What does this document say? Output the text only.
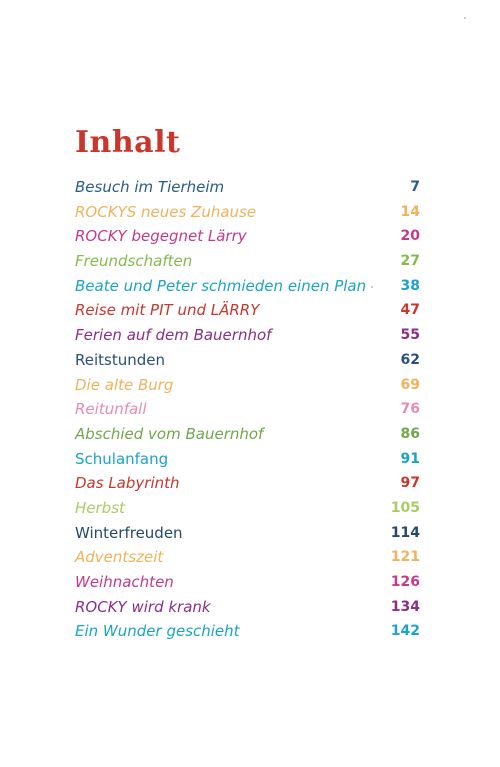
Inhalt
Besuch im Tierheim	7
ROCKYS neues Zuhause	14
ROCKY begegnet Lärry	20
Freundschaften	27
Beate und Peter schmieden einen Plan 38
Reise mit PIT und LÄRRY	47
Ferien auf dem Bauernhof	55
Reitstunden	62
Die alte Burg	69
Reitunfall	76
Abschied vom Bauernhof	86
Schulanfang	91
Das Labyrinth	97
Herbst	105
Winterfreuden	114
Adventszeit	121
Weihnachten	126
ROCKY wird krank	134
Ein Wunder geschieht	142
